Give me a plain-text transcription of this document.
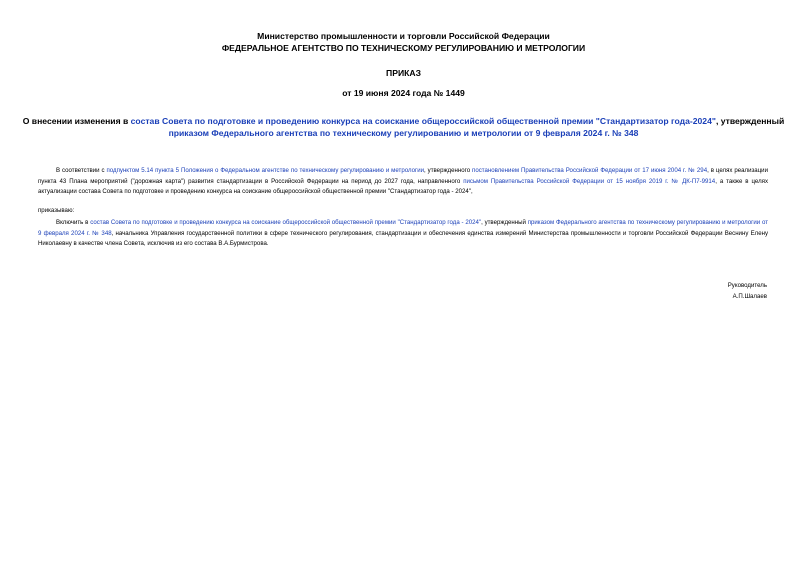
Министерство промышленности и торговли Российской Федерации
ФЕДЕРАЛЬНОЕ АГЕНТСТВО ПО ТЕХНИЧЕСКОМУ РЕГУЛИРОВАНИЮ И МЕТРОЛОГИИ
ПРИКАЗ
от 19 июня 2024 года № 1449
О внесении изменения в состав Совета по подготовке и проведению конкурса на соискание общероссийской общественной премии "Стандартизатор года-2024", утвержденный приказом Федерального агентства по техническому регулированию и метрологии от 9 февраля 2024 г. № 348
В соответствии с подпунктом 5.14 пункта 5 Положения о Федеральном агентстве по техническому регулированию и метрологии, утвержденного постановлением Правительства Российской Федерации от 17 июня 2004 г. № 294, в целях реализации пункта 43 Плана мероприятий ("дорожная карта") развития стандартизации в Российской Федерации на период до 2027 года, направленного письмом Правительства Российской Федерации от 15 ноября 2019 г. № ДК-П7-9914, а также в целях актуализации состава Совета по подготовке и проведению конкурса на соискание общероссийской общественной премии "Стандартизатор года - 2024",
приказываю:
Включить в состав Совета по подготовке и проведению конкурса на соискание общероссийской общественной премии "Стандартизатор года - 2024", утвержденный приказом Федерального агентства по техническому регулированию и метрологии от 9 февраля 2024 г. № 348, начальника Управления государственной политики в сфере технического регулирования, стандартизации и обеспечения единства измерений Министерства промышленности и торговли Российской Федерации Веснину Елену Николаевну в качестве члена Совета, исключив из его состава В.А.Бурмистрова.
Руководитель
А.П.Шалаев
